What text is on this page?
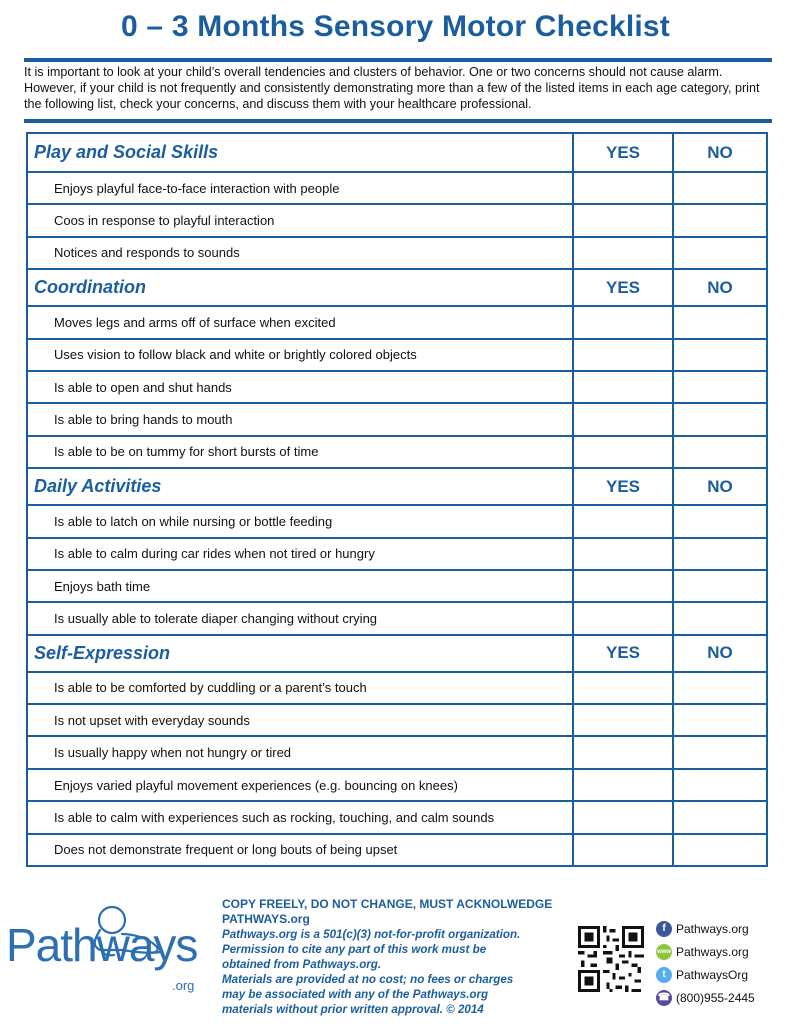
0 – 3 Months Sensory Motor Checklist
It is important to look at your child’s overall tendencies and clusters of behavior. One or two concerns should not cause alarm. However, if your child is not frequently and consistently demonstrating more than a few of the listed items in each age category, print the following list, check your concerns, and discuss them with your healthcare professional.
Play and Social Skills	YES	NO
Enjoys playful face-to-face interaction with people
Coos in response to playful interaction
Notices and responds to sounds
Coordination	YES	NO
Moves legs and arms off of surface when excited
Uses vision to follow black and white or brightly colored objects
Is able to open and shut hands
Is able to bring hands to mouth
Is able to be on tummy for short bursts of time
Daily Activities	YES	NO
Is able to latch on while nursing or bottle feeding
Is able to calm during car rides when not tired or hungry
Enjoys bath time
Is usually able to tolerate diaper changing without crying
Self-Expression	YES	NO
Is able to be comforted by cuddling or a parent’s touch
Is not upset with everyday sounds
Is usually happy when not hungry or tired
Enjoys varied playful movement experiences (e.g. bouncing on knees)
Is able to calm with experiences such as rocking, touching, and calm sounds
Does not demonstrate frequent or long bouts of being upset
Pathways
.org
COPY FREELY, DO NOT CHANGE, MUST ACKNOLWEDGE PATHWAYS.org
Pathways.org is a 501(c)(3) not-for-profit organization.
Permission to cite any part of this work must be
obtained from Pathways.org.
Materials are provided at no cost; no fees or charges
may be associated with any of the Pathways.org
materials without prior written approval. © 2014
f Pathways.org
www Pathways.org
t PathwaysOrg
☎ (800)955-2445
